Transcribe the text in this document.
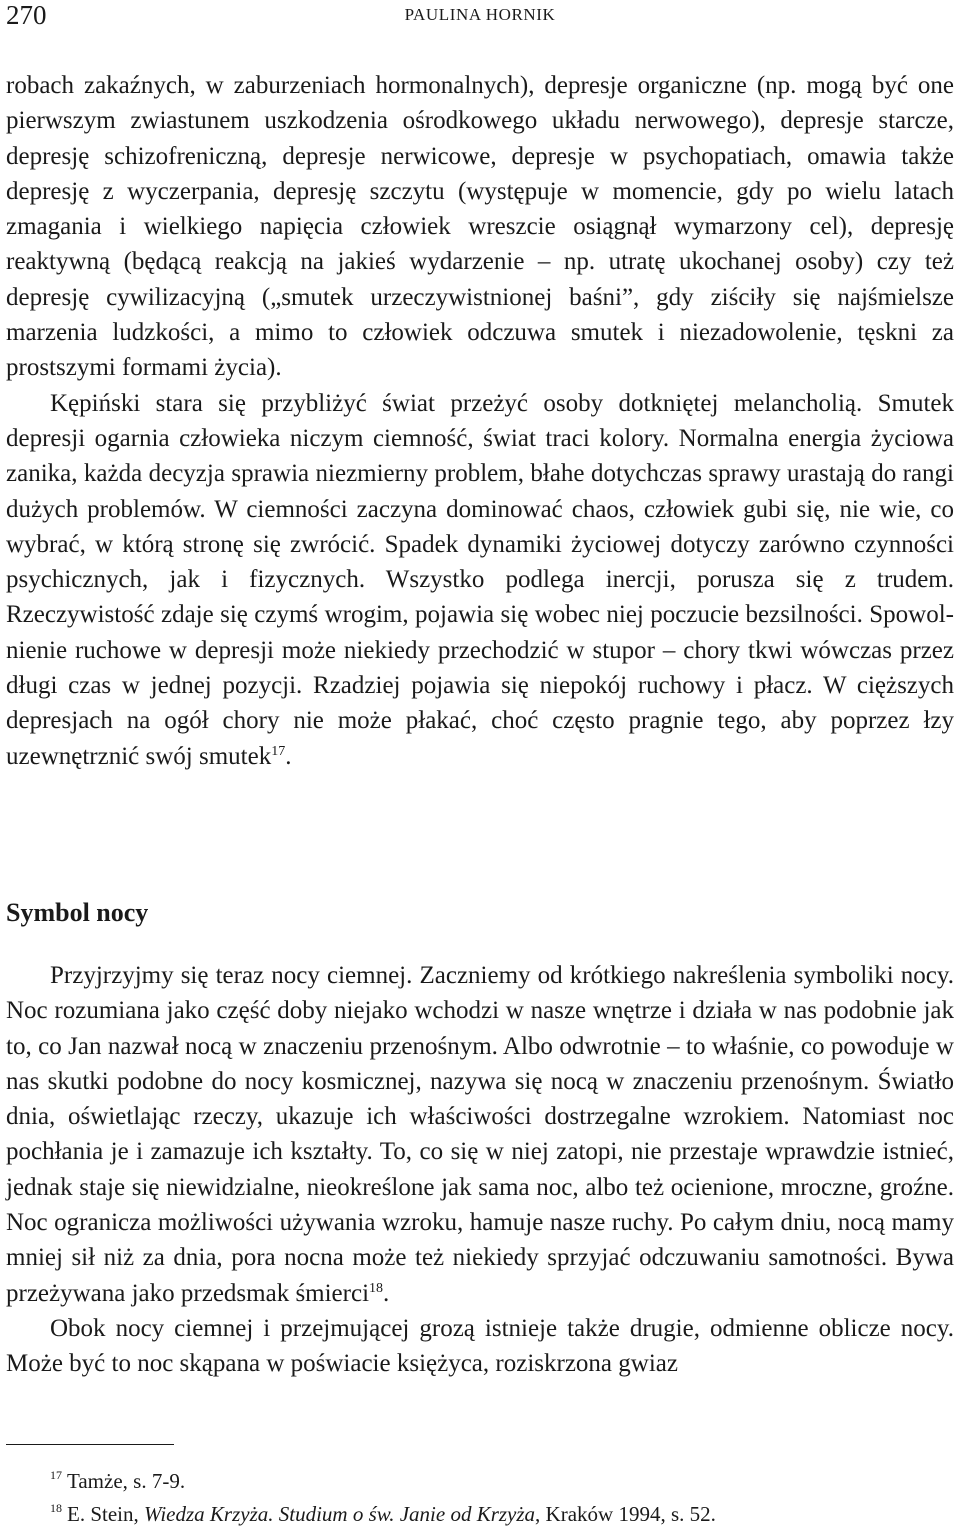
270	PAULINA HORNIK

robach zakaźnych, w zaburzeniach hormonalnych), depresje organiczne (np. mogą być one pierwszym zwiastunem uszkodzenia ośrodkowego układu nerwowego), depresje starcze, depresję schizofreniczną, depresje nerwicowe, depresje w psychopatiach, omawia także depresję z wyczerpania, depresję szczytu (występuje w momencie, gdy po wielu latach zmagania i wielkiego napięcia człowiek wreszcie osiągnął wymarzony cel), depresję reaktywną (będącą reakcją na jakieś wydarzenie – np. utratę ukochanej osoby) czy też depresję cywilizacyjną („smutek urzeczywistnionej baśni”, gdy ziściły się najśmielsze marzenia ludzkości, a mimo to człowiek odczuwa smutek i niezadowolenie, tęskni za prostszymi formami życia).

Kępiński stara się przybliżyć świat przeżyć osoby dotkniętej melancholią. Smutek depresji ogarnia człowieka niczym ciemność, świat traci kolory. Normalna energia życiowa zanika, każda decyzja sprawia niezmierny problem, błahe dotychczas sprawy urastają do rangi dużych problemów. W ciemności zaczyna dominować chaos, człowiek gubi się, nie wie, co wybrać, w którą stronę się zwrócić. Spadek dynamiki życiowej dotyczy zarówno czynności psychicznych, jak i fizycznych. Wszystko podlega inercji, porusza się z trudem. Rzeczywistość zdaje się czymś wrogim, pojawia się wobec niej poczucie bezsilności. Spowolnienie ruchowe w depresji może niekiedy przechodzić w stupor – chory tkwi wówczas przez długi czas w jednej pozycji. Rzadziej pojawia się niepokój ruchowy i płacz. W cięższych depresjach na ogół chory nie może płakać, choć często pragnie tego, aby poprzez łzy uzewnętrznić swój smutek$^{17}$.

Symbol nocy

Przyjrzyjmy się teraz nocy ciemnej. Zaczniemy od krótkiego nakreślenia symboliki nocy. Noc rozumiana jako część doby niejako wchodzi w nasze wnętrze i działa w nas podobnie jak to, co Jan nazwał nocą w znaczeniu przenośnym. Albo odwrotnie – to właśnie, co powoduje w nas skutki podobne do nocy kosmicznej, nazywa się nocą w znaczeniu przenośnym. Światło dnia, oświetlając rzeczy, ukazuje ich właściwości dostrzegalne wzrokiem. Natomiast noc pochłania je i zamazuje ich kształty. To, co się w niej zatopi, nie przestaje wprawdzie istnieć, jednak staje się niewidzialne, nieokreślone jak sama noc, albo też ocienione, mroczne, groźne. Noc ogranicza możliwości używania wzroku, hamuje nasze ruchy. Po całym dniu, nocą mamy mniej sił niż za dnia, pora nocna może też niekiedy sprzyjać odczuwaniu samotności. Bywa przeżywana jako przedsmak śmierci$^{18}$.

Obok nocy ciemnej i przejmującej grozą istnieje także drugie, odmienne oblicze nocy. Może być to noc skąpana w poświacie księżyca, roziskrzona gwiaz

$^{17}$ Tamże, s. 7-9.
$^{18}$ E. Stein, Wiedza Krzyża. Studium o św. Janie od Krzyża, Kraków 1994, s. 52.
